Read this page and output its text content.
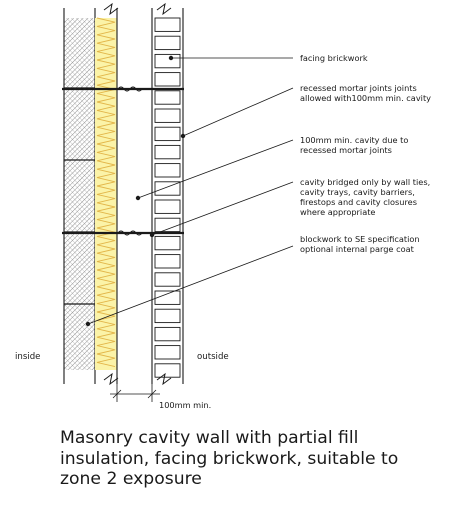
100mm min.
inside	outside
facing brickwork
recessed mortar joints joints allowed with100mm min. cavity
100mm min. cavity due to recessed mortar joints
cavity bridged only by wall ties, cavity trays, cavity barriers, firestops and cavity closures where appropriate
blockwork to SE specification optional internal parge coat

Masonry cavity wall with partial fill
insulation, facing brickwork, suitable to
zone 2 exposure
